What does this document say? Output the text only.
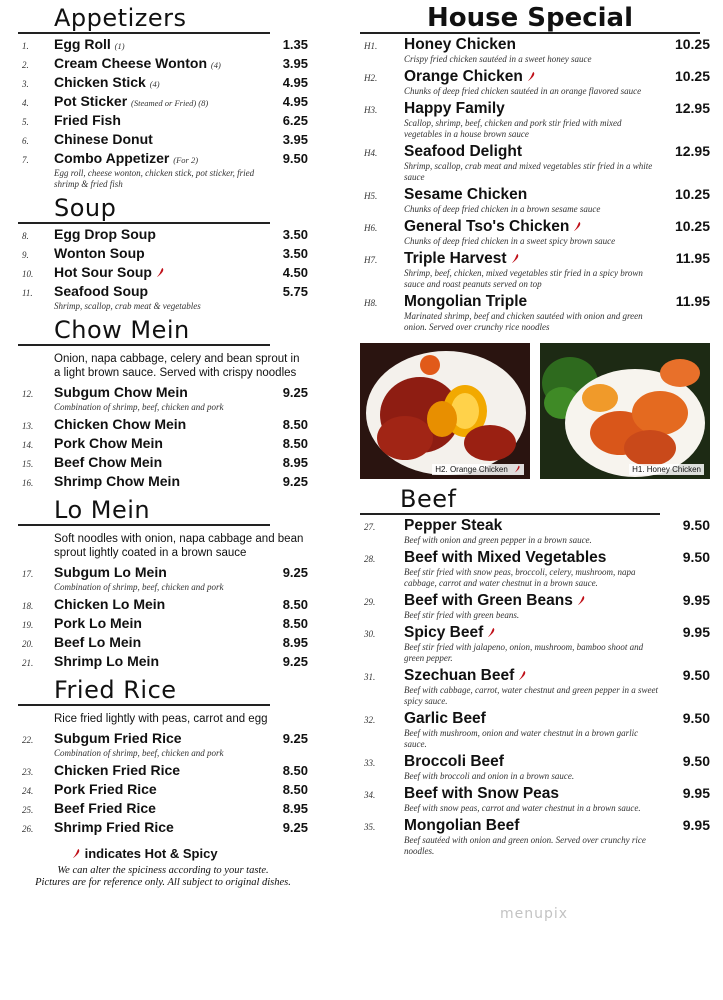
Appetizers
1.	Egg Roll (1)	1.35
2.	Cream Cheese Wonton (4)	3.95
3.	Chicken Stick (4)	4.95
4.	Pot Sticker (Steamed or Fried) (8)	4.95
5.	Fried Fish	6.25
6.	Chinese Donut	3.95
7.	Combo Appetizer (For 2)	9.50
Egg roll, cheese wonton, chicken stick, pot sticker, fried shrimp & fried fish
Soup
8.	Egg Drop Soup	3.50
9.	Wonton Soup	3.50
10.	Hot Sour Soup	4.50
11.	Seafood Soup	5.75
Shrimp, scallop, crab meat & vegetables
Chow Mein
Onion, napa cabbage, celery and bean sprout in a light brown sauce. Served with crispy noodles
12.	Subgum Chow Mein	9.25
Combination of shrimp, beef, chicken and pork
13.	Chicken Chow Mein	8.50
14.	Pork Chow Mein	8.50
15.	Beef Chow Mein	8.95
16.	Shrimp Chow Mein	9.25
Lo Mein
Soft noodles with onion, napa cabbage and bean sprout lightly coated in a brown sauce
17.	Subgum Lo Mein	9.25
Combination of shrimp, beef, chicken and pork
18.	Chicken Lo Mein	8.50
19.	Pork Lo Mein	8.50
20.	Beef Lo Mein	8.95
21.	Shrimp Lo Mein	9.25
Fried Rice
Rice fried lightly with peas, carrot and egg
22.	Subgum Fried Rice	9.25
Combination of shrimp, beef, chicken and pork
23.	Chicken Fried Rice	8.50
24.	Pork Fried Rice	8.50
25.	Beef Fried Rice	8.95
26.	Shrimp Fried Rice	9.25
indicates Hot & Spicy
We can alter the spiciness according to your taste.
Pictures are for reference only. All subject to original dishes.
House Special
H1.	Honey Chicken	10.25
Crispy fried chicken sautéed in a sweet honey sauce
H2.	Orange Chicken	10.25
Chunks of deep fried chicken sautéed in an orange flavored sauce
H3.	Happy Family	12.95
Scallop, shrimp, beef, chicken and pork stir fried with mixed vegetables in a house brown sauce
H4.	Seafood Delight	12.95
Shrimp, scallop, crab meat and mixed vegetables stir fried in a white sauce
H5.	Sesame Chicken	10.25
Chunks of deep fried chicken in a brown sesame sauce
H6.	General Tso's Chicken	10.25
Chunks of deep fried chicken in a sweet spicy brown sauce
H7.	Triple Harvest	11.95
Shrimp, beef, chicken, mixed vegetables stir fried in a spicy brown sauce and roast peanuts served on top
H8.	Mongolian Triple	11.95
Marinated shrimp, beef and chicken sautéed with onion and green onion. Served over crunchy rice noodles
H2. Orange Chicken	H1. Honey Chicken
Beef
27.	Pepper Steak	9.50
Beef with onion and green pepper in a brown sauce.
28.	Beef with Mixed Vegetables	9.50
Beef stir fried with snow peas, broccoli, celery, mushroom, napa cabbage, carrot and water chestnut in a brown sauce.
29.	Beef with Green Beans	9.95
Beef stir fried with green beans.
30.	Spicy Beef	9.95
Beef stir fried with jalapeno, onion, mushroom, bamboo shoot and green pepper.
31.	Szechuan Beef	9.50
Beef with cabbage, carrot, water chestnut and green pepper in a sweet spicy sauce.
32.	Garlic Beef	9.50
Beef with mushroom, onion and water chestnut in a brown garlic sauce.
33.	Broccoli Beef	9.50
Beef with broccoli and onion in a brown sauce.
34.	Beef with Snow Peas	9.95
Beef with snow peas, carrot and water chestnut in a brown sauce.
35.	Mongolian Beef	9.95
Beef sautéed with onion and green onion. Served over crunchy rice noodles.
menupix
